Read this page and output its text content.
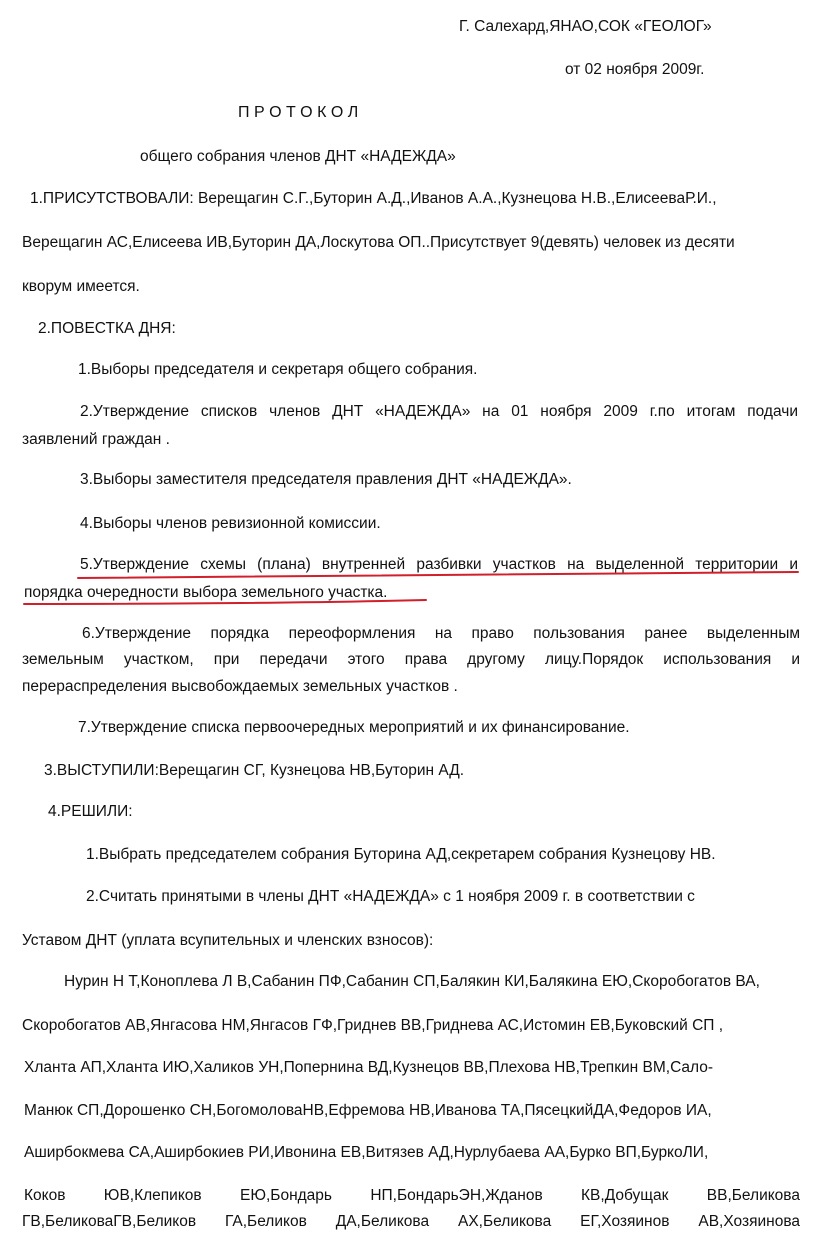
Г. Салехард,ЯНАО,СОК «ГЕОЛОГ»
от 02 ноября 2009г.
П Р О Т О К О Л
общего собрания членов ДНТ «НАДЕЖДА»
1.ПРИСУТСТВОВАЛИ: Верещагин С.Г.,Буторин А.Д.,Иванов А.А.,Кузнецова Н.В.,ЕлисееваР.И.,
Верещагин АС,Елисеева ИВ,Буторин ДА,Лоскутова ОП..Присутствует 9(девять) человек из десяти
кворум имеется.
2.ПОВЕСТКА ДНЯ:
1.Выборы председателя и секретаря общего собрания.
2.Утверждение списков членов ДНТ «НАДЕЖДА» на 01 ноября 2009 г.по итогам подачи
заявлений граждан .
3.Выборы заместителя председателя правления ДНТ «НАДЕЖДА».
4.Выборы членов ревизионной комиссии.
5.Утверждение схемы (плана) внутренней разбивки участков на выделенной территории и
порядка очередности выбора земельного участка.
6.Утверждение порядка переоформления на право пользования ранее выделенным
земельным участком, при передачи этого права другому лицу.Порядок использования и
перераспределения высвобождаемых земельных участков .
7.Утверждение списка первоочередных мероприятий и их финансирование.
3.ВЫСТУПИЛИ:Верещагин СГ, Кузнецова НВ,Буторин АД.
4.РЕШИЛИ:
1.Выбрать председателем собрания Буторина АД,секретарем собрания Кузнецову НВ.
2.Считать принятыми в члены ДНТ «НАДЕЖДА» с 1 ноября 2009 г. в соответствии с
Уставом ДНТ (уплата всупительных и членских взносов):
Нурин Н Т,Коноплева Л В,Сабанин ПФ,Сабанин СП,Балякин КИ,Балякина ЕЮ,Скоробогатов ВА,
Скоробогатов АВ,Янгасова НМ,Янгасов ГФ,Гриднев ВВ,Гриднева АС,Истомин ЕВ,Буковский СП ,
Хланта АП,Хланта ИЮ,Халиков УН,Попернина ВД,Кузнецов ВВ,Плехова НВ,Трепкин ВМ,Сало-
Манюк СП,Дорошенко СН,БогомоловаНВ,Ефремова НВ,Иванова ТА,ПясецкийДА,Федоров ИА,
Аширбокмева СА,Аширбокиев РИ,Ивонина ЕВ,Витязев АД,Нурлубаева АА,Бурко ВП,БуркоЛИ,
Коков ЮВ,Клепиков ЕЮ,Бондарь НП,БондарьЭН,Жданов КВ,Добущак ВВ,Беликова
ГВ,БеликоваГВ,Беликов ГА,Беликов ДА,Беликова АХ,Беликова ЕГ,Хозяинов АВ,Хозяинова
